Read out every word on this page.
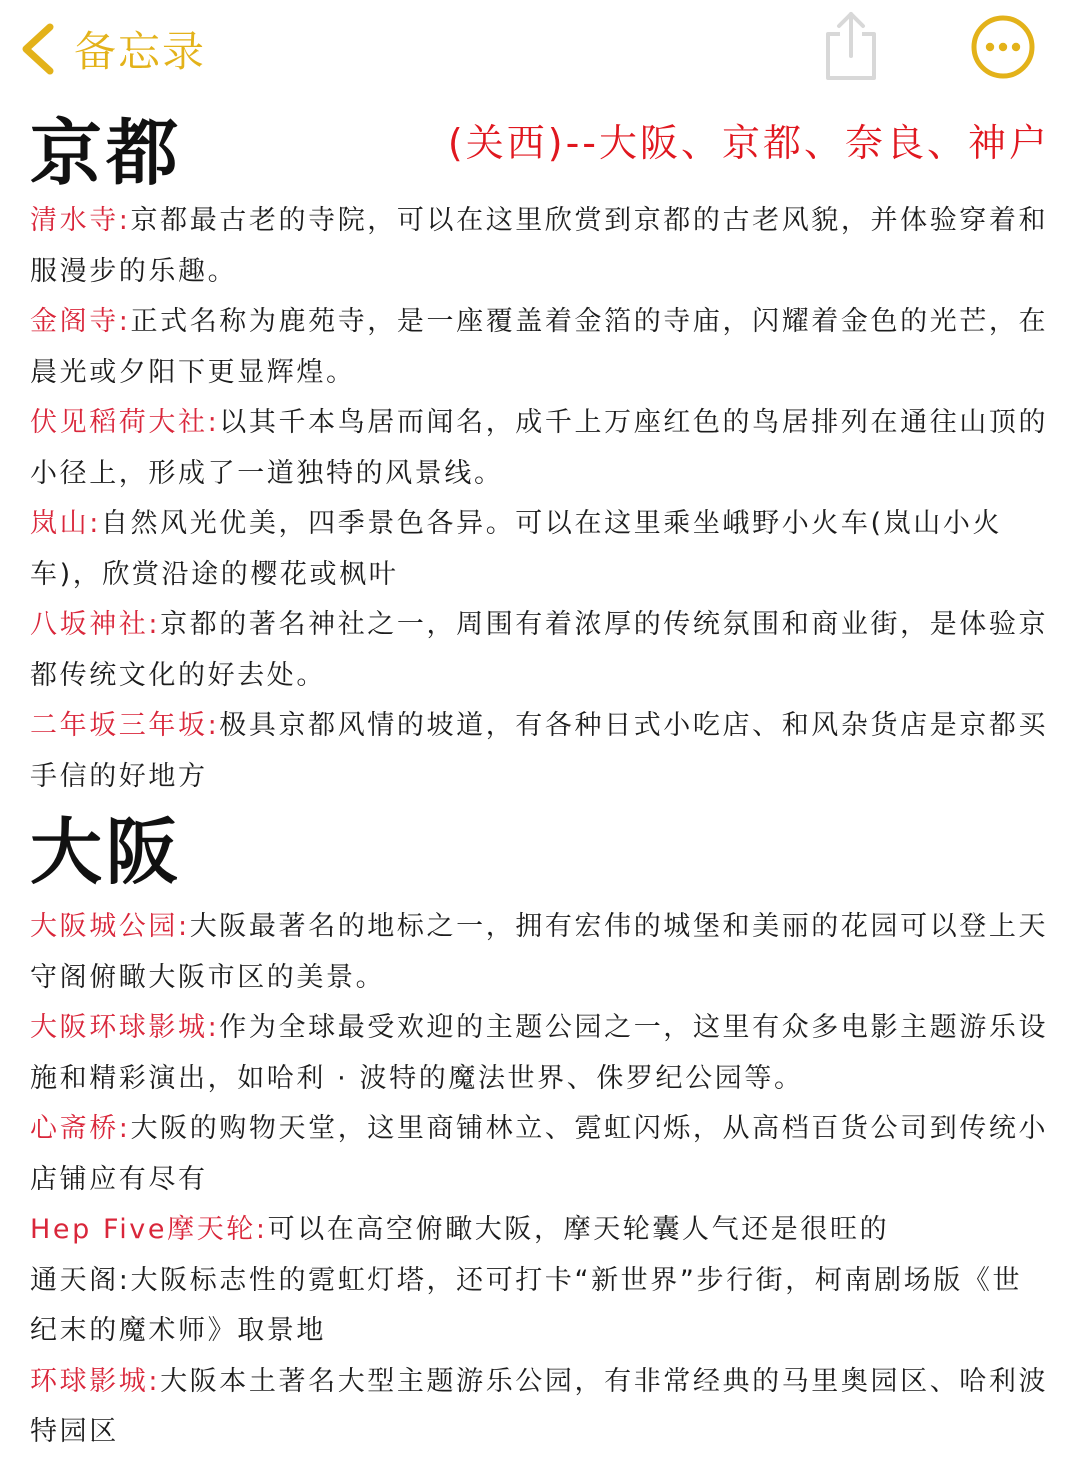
备忘录
京都	(关西)--大阪、京都、奈良、神户

清水寺:京都最古老的寺院，可以在这里欣赏到京都的古老风貌，并体验穿着和服漫步的乐趣。

金阁寺:正式名称为鹿苑寺，是一座覆盖着金箔的寺庙，闪耀着金色的光芒，在晨光或夕阳下更显辉煌。

伏见稻荷大社:以其千本鸟居而闻名，成千上万座红色的鸟居排列在通往山顶的小径上，形成了一道独特的风景线。

岚山:自然风光优美，四季景色各异。可以在这里乘坐峨野小火车(岚山小火车)，欣赏沿途的樱花或枫叶

八坂神社:京都的著名神社之一，周围有着浓厚的传统氛围和商业街，是体验京都传统文化的好去处。

二年坂三年坂:极具京都风情的坡道，有各种日式小吃店、和风杂货店是京都买手信的好地方

大阪

大阪城公园:大阪最著名的地标之一，拥有宏伟的城堡和美丽的花园可以登上天守阁俯瞰大阪市区的美景。

大阪环球影城:作为全球最受欢迎的主题公园之一，这里有众多电影主题游乐设施和精彩演出，如哈利 · 波特的魔法世界、侏罗纪公园等。

心斋桥:大阪的购物天堂，这里商铺林立、霓虹闪烁，从高档百货公司到传统小店铺应有尽有

Hep Five摩天轮:可以在高空俯瞰大阪，摩天轮囊人气还是很旺的

通天阁:大阪标志性的霓虹灯塔，还可打卡“新世界”步行街，柯南剧场版《世纪末的魔术师》取景地

环球影城:大阪本土著名大型主题游乐公园，有非常经典的马里奥园区、哈利波特园区
